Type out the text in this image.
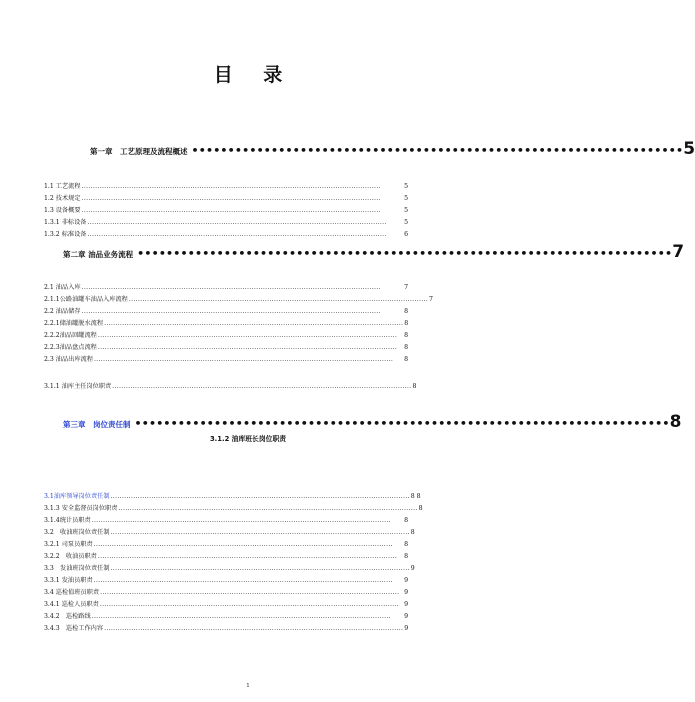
目 录
第一章　工艺原理及流程概述 •••••••••••••••••••••••••••••••••••••••••••••••••••••••••••••••••••• 5
1.1 工艺流程 ....................................................................................................................................	5
1.2 技术规定 ....................................................................................................................................	5
1.3 设备概要 ....................................................................................................................................	5
1.3.1 非标设备 ....................................................................................................................................	5
1.3.2 标准设备 ....................................................................................................................................	6
第二章 油品业务流程 •••••••••••••••••••••••••••••••••••••••••••••••••••••••••••••••••••••••••• 7
2.1 油品入库 ....................................................................................................................................	7
2.1.1公路油罐车油品入库流程 .................................................................................................................................... 7
2.2 油品储存 ....................................................................................................................................	8
2.2.1储油罐脱水流程 .................................................................................................................................... 8
2.2.2油品回罐流程 ....................................................................................................................................	8
2.2.3油品盘点流程 ....................................................................................................................................	8
2.3 油品出库流程 ....................................................................................................................................	8
3.1.1 油库主任岗位职责 .................................................................................................................................... 8
3.1.2 油库班长岗位职责
第三章　岗位责任制 •••••••••••••••••••••••••••••••••••••••••••••••••••••••••••••••••••••••••• 8
3.1油库领导岗位责任制 .................................................................................................................................... 8 8
3.1.3 安全监督员岗位职责 .................................................................................................................................... 8
3.1.4统计员职责 ....................................................................................................................................	8
3.2　收油班岗位责任制 .................................................................................................................................... 8
3.2.1 司泵员职责 ....................................................................................................................................	8
3.2.2　收油员职责 ....................................................................................................................................	8
3.3　发油班岗位责任制 .................................................................................................................................... 9
3.3.1 发油员职责 ....................................................................................................................................	9
3.4 巡检值班员职责 .................................................................................................................................... 9
3.4.1 巡检人员职责 .................................................................................................................................... 9
3.4.2　巡检路线 ....................................................................................................................................	9
3.4.3　巡检工作内容 .................................................................................................................................... 9
1
